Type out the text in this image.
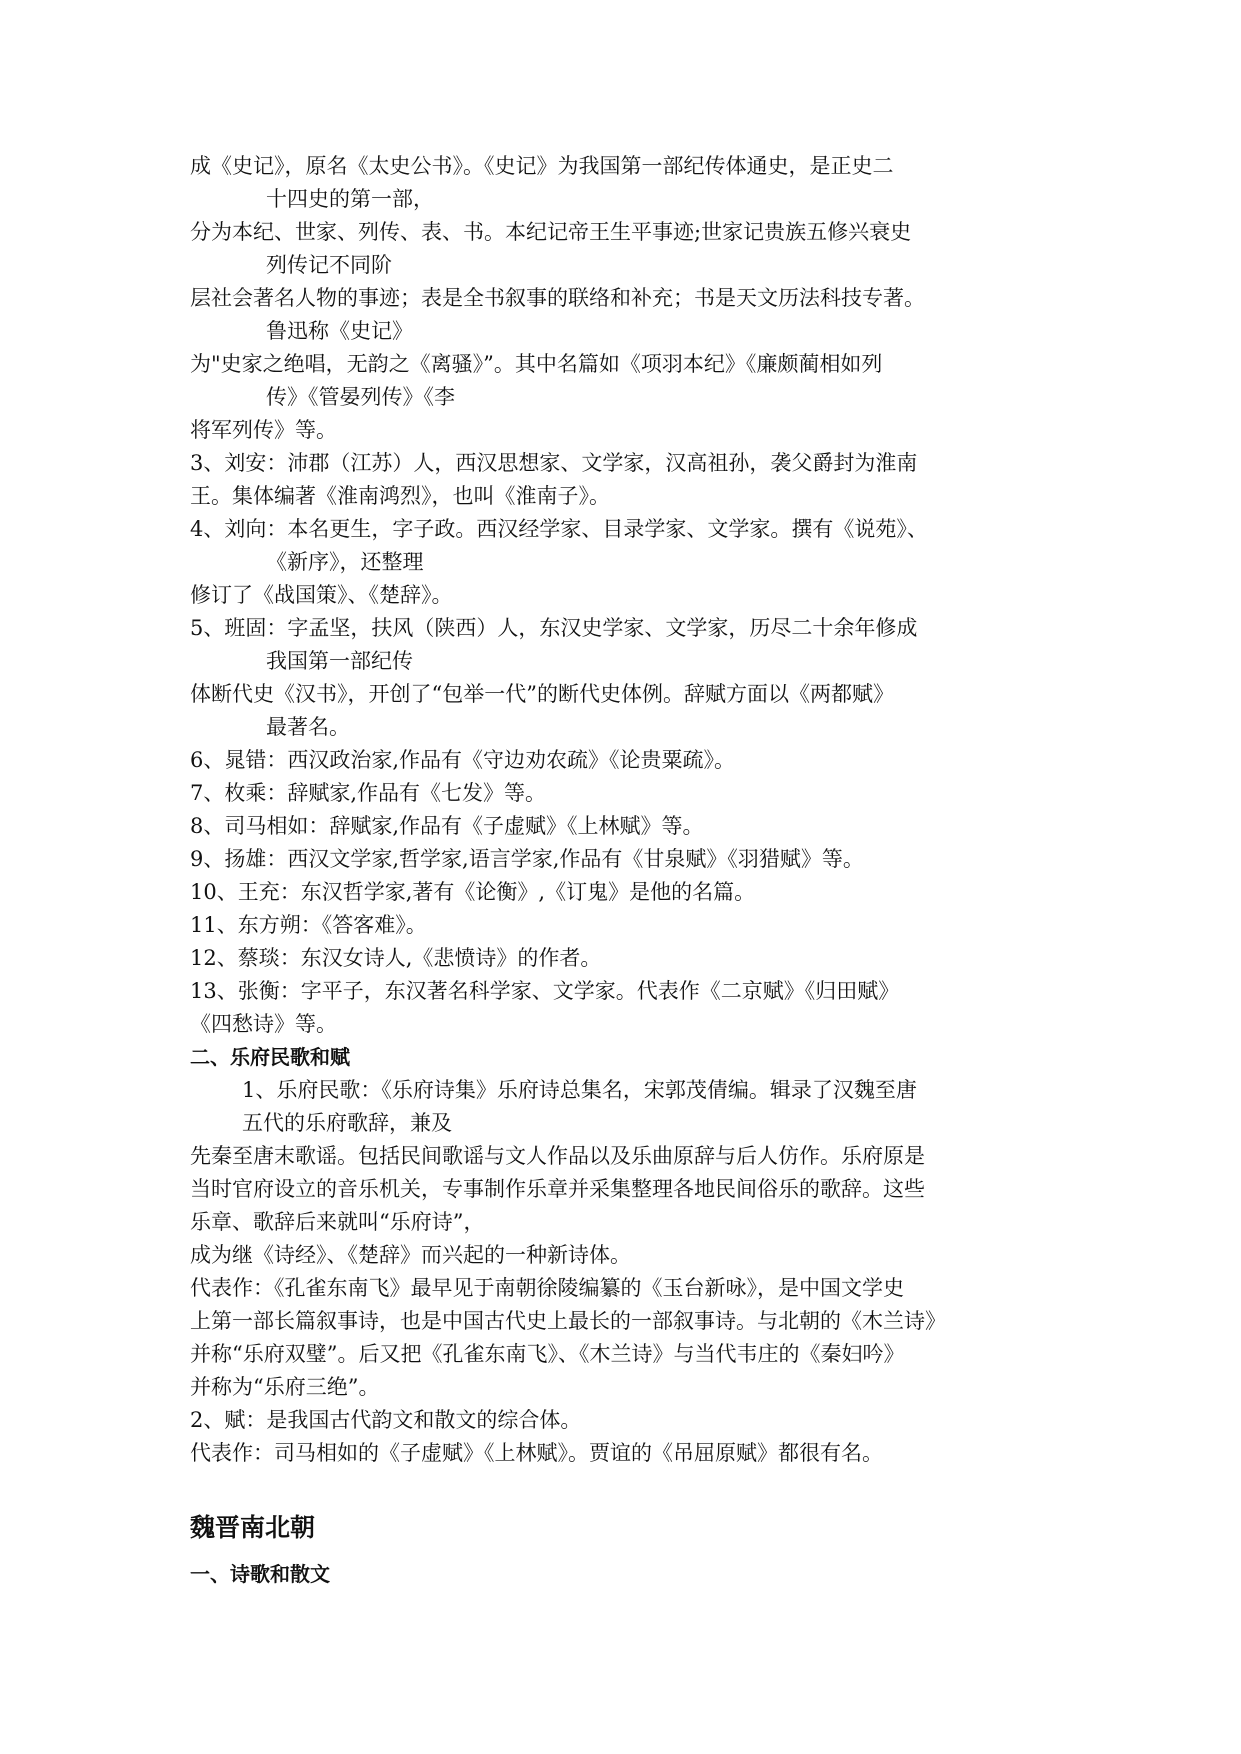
成《史记》，原名《太史公书》。《史记》为我国第一部纪传体通史，是正史二
十四史的第一部，
分为本纪、世家、列传、表、书。本纪记帝王生平事迹;世家记贵族五修兴衰史
列传记不同阶
层社会著名人物的事迹；表是全书叙事的联络和补充；书是天文历法科技专著。
鲁迅称《史记》
为"史家之绝唱，无韵之《离骚》”。其中名篇如《项羽本纪》《廉颇蔺相如列
传》《管晏列传》《李
将军列传》等。
3、刘安：沛郡（江苏）人，西汉思想家、文学家，汉高祖孙，袭父爵封为淮南
王。集体编著《淮南鸿烈》，也叫《淮南子》。
4、刘向：本名更生，字子政。西汉经学家、目录学家、文学家。撰有《说苑》、
《新序》，还整理
修订了《战国策》、《楚辞》。
5、班固：字孟坚，扶风（陕西）人，东汉史学家、文学家，历尽二十余年修成
我国第一部纪传
体断代史《汉书》，开创了“包举一代”的断代史体例。辞赋方面以《两都赋》
最著名。
6、晁错：西汉政治家,作品有《守边劝农疏》《论贵粟疏》。
7、枚乘：辞赋家,作品有《七发》等。
8、司马相如：辞赋家,作品有《子虚赋》《上林赋》等。
9、扬雄：西汉文学家,哲学家,语言学家,作品有《甘泉赋》《羽猎赋》等。
10、王充：东汉哲学家,著有《论衡》,《订鬼》是他的名篇。
11、东方朔：《答客难》。
12、蔡琰：东汉女诗人,《悲愤诗》的作者。
13、张衡：字平子，东汉著名科学家、文学家。代表作《二京赋》《归田赋》
《四愁诗》等。
二、乐府民歌和赋
1、乐府民歌：《乐府诗集》乐府诗总集名，宋郭茂倩编。辑录了汉魏至唐
五代的乐府歌辞，兼及
先秦至唐末歌谣。包括民间歌谣与文人作品以及乐曲原辞与后人仿作。乐府原是
当时官府设立的音乐机关，专事制作乐章并采集整理各地民间俗乐的歌辞。这些
乐章、歌辞后来就叫“乐府诗”，
成为继《诗经》、《楚辞》而兴起的一种新诗体。
代表作：《孔雀东南飞》最早见于南朝徐陵编纂的《玉台新咏》，是中国文学史
上第一部长篇叙事诗，也是中国古代史上最长的一部叙事诗。与北朝的《木兰诗》
并称“乐府双璧”。后又把《孔雀东南飞》、《木兰诗》与当代韦庄的《秦妇吟》
并称为“乐府三绝”。
2、赋：是我国古代韵文和散文的综合体。
代表作：司马相如的《子虚赋》《上林赋》。贾谊的《吊屈原赋》都很有名。
魏晋南北朝
一、诗歌和散文
